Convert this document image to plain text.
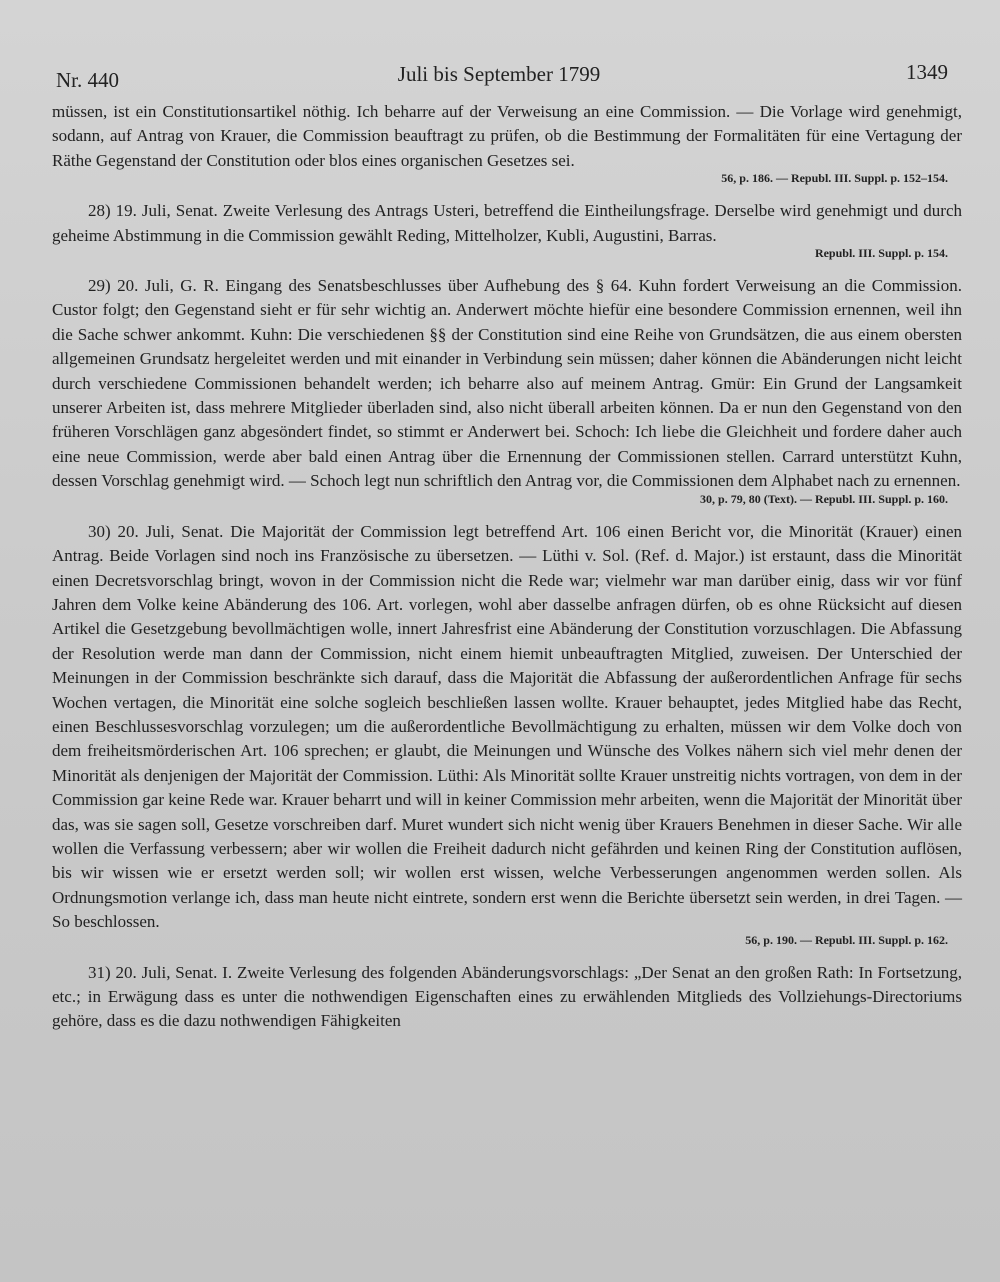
Nr. 440	Juli bis September 1799	1349

müssen, ist ein Constitutionsartikel nöthig. Ich beharre auf der Verweisung an eine Commission. — Die Vorlage wird genehmigt, sodann, auf Antrag von Krauer, die Commission beauftragt zu prüfen, ob die Bestimmung der Formalitäten für eine Vertagung der Räthe Gegenstand der Constitution oder blos eines organischen Gesetzes sei.

56, p. 186. — Republ. III. Suppl. p. 152–154.

28) 19. Juli, Senat. Zweite Verlesung des Antrags Usteri, betreffend die Eintheilungsfrage. Derselbe wird genehmigt und durch geheime Abstimmung in die Commission gewählt Reding, Mittelholzer, Kubli, Augustini, Barras.

Republ. III. Suppl. p. 154.

29) 20. Juli, G. R. Eingang des Senatsbeschlusses über Aufhebung des § 64. Kuhn fordert Verweisung an die Commission. Custor folgt; den Gegenstand sieht er für sehr wichtig an. Anderwert möchte hiefür eine besondere Commission ernennen, weil ihn die Sache schwer ankommt. Kuhn: Die verschiedenen §§ der Constitution sind eine Reihe von Grundsätzen, die aus einem obersten allgemeinen Grundsatz hergeleitet werden und mit einander in Verbindung sein müssen; daher können die Abänderungen nicht leicht durch verschiedene Commissionen behandelt werden; ich beharre also auf meinem Antrag. Gmür: Ein Grund der Langsamkeit unserer Arbeiten ist, dass mehrere Mitglieder überladen sind, also nicht überall arbeiten können. Da er nun den Gegenstand von den früheren Vorschlägen ganz abgesöndert findet, so stimmt er Anderwert bei. Schoch: Ich liebe die Gleichheit und fordere daher auch eine neue Commission, werde aber bald einen Antrag über die Ernennung der Commissionen stellen. Carrard unterstützt Kuhn, dessen Vorschlag genehmigt wird. — Schoch legt nun schriftlich den Antrag vor, die Commissionen dem Alphabet nach zu ernennen.

30, p. 79, 80 (Text). — Republ. III. Suppl. p. 160.

30) 20. Juli, Senat. Die Majorität der Commission legt betreffend Art. 106 einen Bericht vor, die Minorität (Krauer) einen Antrag. Beide Vorlagen sind noch ins Französische zu übersetzen. — Lüthi v. Sol. (Ref. d. Major.) ist erstaunt, dass die Minorität einen Decretsvorschlag bringt, wovon in der Commission nicht die Rede war; vielmehr war man darüber einig, dass wir vor fünf Jahren dem Volke keine Abänderung des 106. Art. vorlegen, wohl aber dasselbe anfragen dürfen, ob es ohne Rücksicht auf diesen Artikel die Gesetzgebung bevollmächtigen wolle, innert Jahresfrist eine Abänderung der Constitution vorzuschlagen. Die Abfassung der Resolution werde man dann der Commission, nicht einem hiemit unbeauftragten Mitglied, zuweisen. Der Unterschied der Meinungen in der Commission beschränkte sich darauf, dass die Majorität die Abfassung der außerordentlichen Anfrage für sechs Wochen vertagen, die Minorität eine solche sogleich beschließen lassen wollte. Krauer behauptet, jedes Mitglied habe das Recht, einen Beschlussesvorschlag vorzulegen; um die außerordentliche Bevollmächtigung zu erhalten, müssen wir dem Volke doch von dem freiheitsmörderischen Art. 106 sprechen; er glaubt, die Meinungen und Wünsche des Volkes nähern sich viel mehr denen der Minorität als denjenigen der Majorität der Commission. Lüthi: Als Minorität sollte Krauer unstreitig nichts vortragen, von dem in der Commission gar keine Rede war. Krauer beharrt und will in keiner Commission mehr arbeiten, wenn die Majorität der Minorität über das, was sie sagen soll, Gesetze vorschreiben darf. Muret wundert sich nicht wenig über Krauers Benehmen in dieser Sache. Wir alle wollen die Verfassung verbessern; aber wir wollen die Freiheit dadurch nicht gefährden und keinen Ring der Constitution auflösen, bis wir wissen wie er ersetzt werden soll; wir wollen erst wissen, welche Verbesserungen angenommen werden sollen. Als Ordnungsmotion verlange ich, dass man heute nicht eintrete, sondern erst wenn die Berichte übersetzt sein werden, in drei Tagen. — So beschlossen.

56, p. 190. — Republ. III. Suppl. p. 162.

31) 20. Juli, Senat. I. Zweite Verlesung des folgenden Abänderungsvorschlags: „Der Senat an den großen Rath: In Fortsetzung, etc.; in Erwägung dass es unter die nothwendigen Eigenschaften eines zu erwählenden Mitglieds des Vollziehungs-Directoriums gehöre, dass es die dazu nothwendigen Fähigkeiten
